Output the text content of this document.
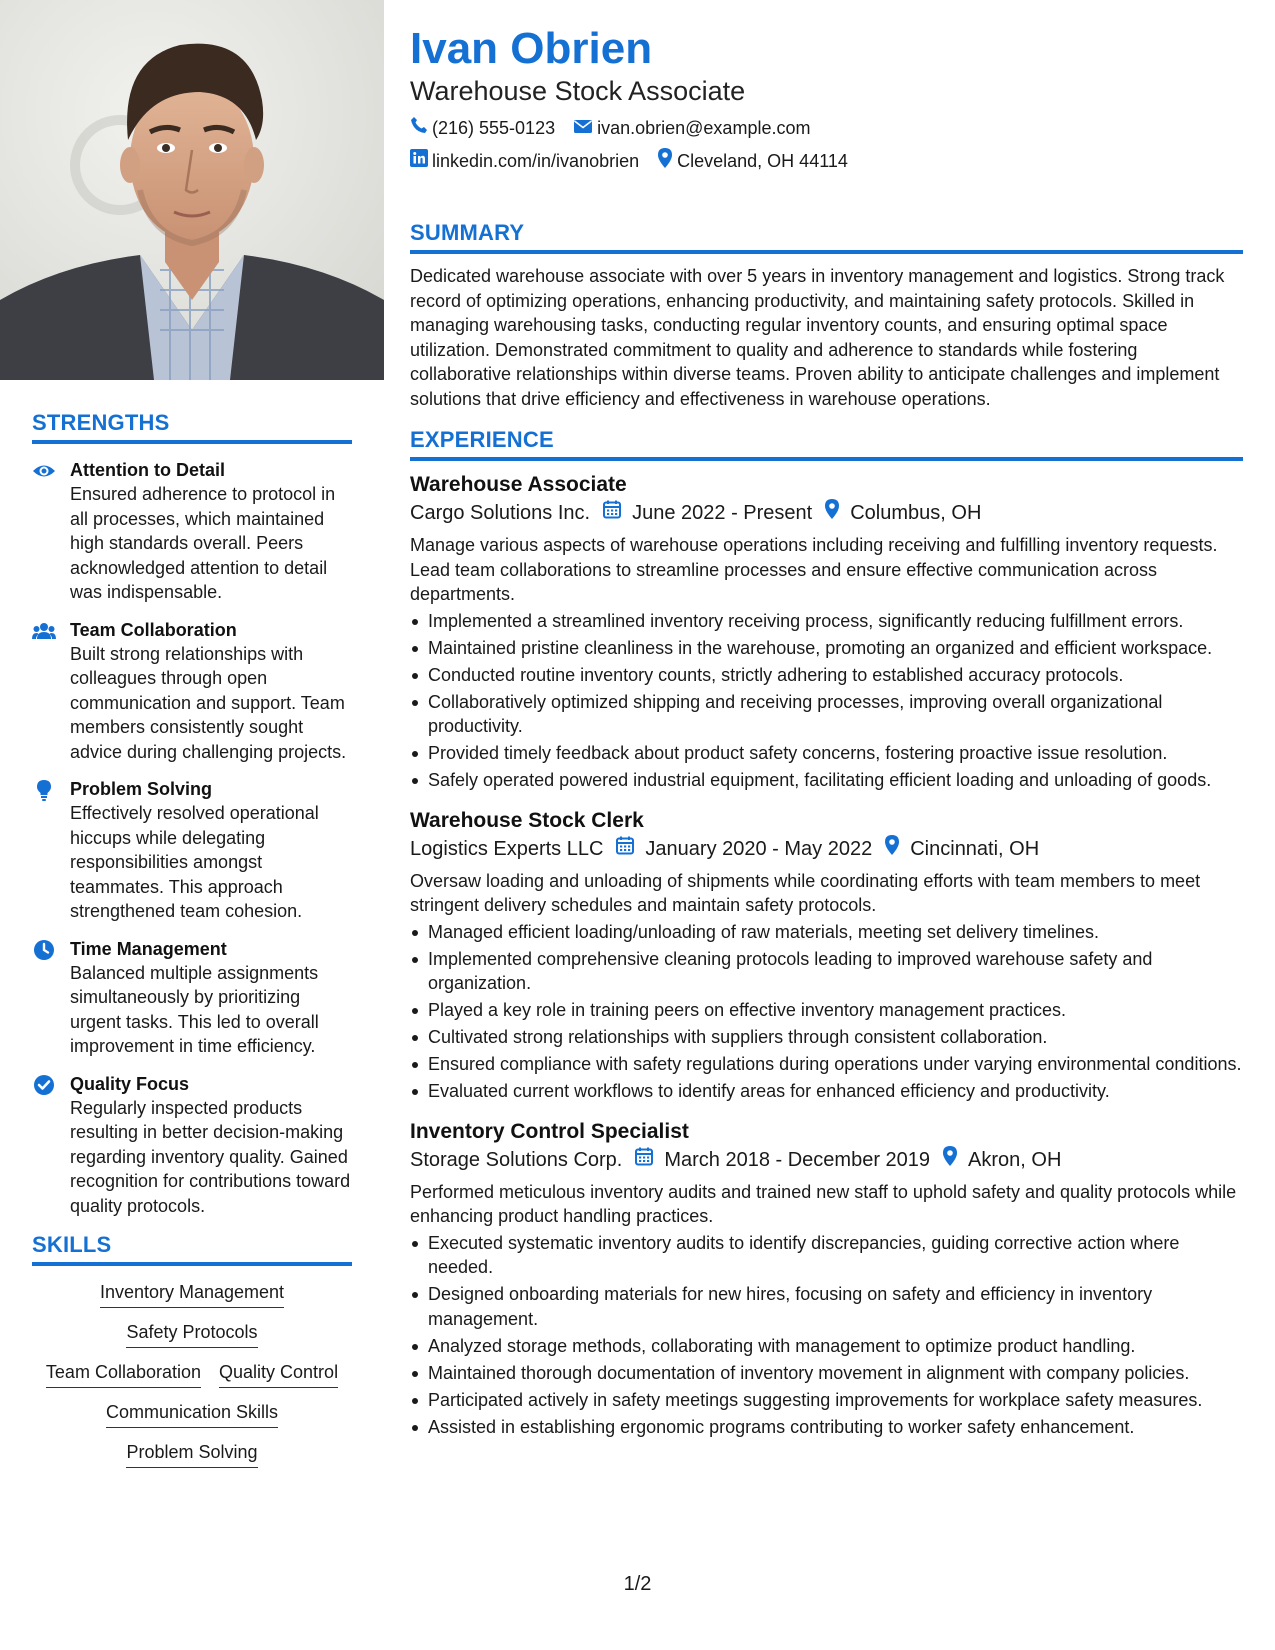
STRENGTHS
Attention to Detail

Ensured adherence to protocol in all processes, which maintained high standards overall. Peers acknowledged attention to detail was indispensable.

Team Collaboration

Built strong relationships with colleagues through open communication and support. Team members consistently sought advice during challenging projects.

Problem Solving

Effectively resolved operational hiccups while delegating responsibilities amongst teammates. This approach strengthened team cohesion.

Time Management

Balanced multiple assignments simultaneously by prioritizing urgent tasks. This led to overall improvement in time efficiency.

Quality Focus

Regularly inspected products resulting in better decision-making regarding inventory quality. Gained recognition for contributions toward quality protocols.

SKILLS
Inventory Management
Safety Protocols
Team Collaboration Quality Control
Communication Skills
Problem Solving
Ivan Obrien
Warehouse Stock Associate
(216) 555-0123 ivan.obrien@example.com
linkedin.com/in/ivanobrien Cleveland, OH 44114
SUMMARY

Dedicated warehouse associate with over 5 years in inventory management and logistics. Strong track record of optimizing operations, enhancing productivity, and maintaining safety protocols. Skilled in managing warehousing tasks, conducting regular inventory counts, and ensuring optimal space utilization. Demonstrated commitment to quality and adherence to standards while fostering collaborative relationships within diverse teams. Proven ability to anticipate challenges and implement solutions that drive efficiency and effectiveness in warehouse operations.

EXPERIENCE
Warehouse Associate
Cargo Solutions Inc. June 2022 - Present Columbus, OH

Manage various aspects of warehouse operations including receiving and fulfilling inventory requests. Lead team collaborations to streamline processes and ensure effective communication across departments.

Implemented a streamlined inventory receiving process, significantly reducing fulfillment errors.
Maintained pristine cleanliness in the warehouse, promoting an organized and efficient workspace.
Conducted routine inventory counts, strictly adhering to established accuracy protocols.
Collaboratively optimized shipping and receiving processes, improving overall organizational productivity.
Provided timely feedback about product safety concerns, fostering proactive issue resolution.
Safely operated powered industrial equipment, facilitating efficient loading and unloading of goods.
Warehouse Stock Clerk
Logistics Experts LLC January 2020 - May 2022 Cincinnati, OH

Oversaw loading and unloading of shipments while coordinating efforts with team members to meet stringent delivery schedules and maintain safety protocols.

Managed efficient loading/unloading of raw materials, meeting set delivery timelines.
Implemented comprehensive cleaning protocols leading to improved warehouse safety and organization.
Played a key role in training peers on effective inventory management practices.
Cultivated strong relationships with suppliers through consistent collaboration.
Ensured compliance with safety regulations during operations under varying environmental conditions.
Evaluated current workflows to identify areas for enhanced efficiency and productivity.
Inventory Control Specialist
Storage Solutions Corp. March 2018 - December 2019 Akron, OH

Performed meticulous inventory audits and trained new staff to uphold safety and quality protocols while enhancing product handling practices.

Executed systematic inventory audits to identify discrepancies, guiding corrective action where needed.
Designed onboarding materials for new hires, focusing on safety and efficiency in inventory management.
Analyzed storage methods, collaborating with management to optimize product handling.
Maintained thorough documentation of inventory movement in alignment with company policies.
Participated actively in safety meetings suggesting improvements for workplace safety measures.
Assisted in establishing ergonomic programs contributing to worker safety enhancement.
1/2
